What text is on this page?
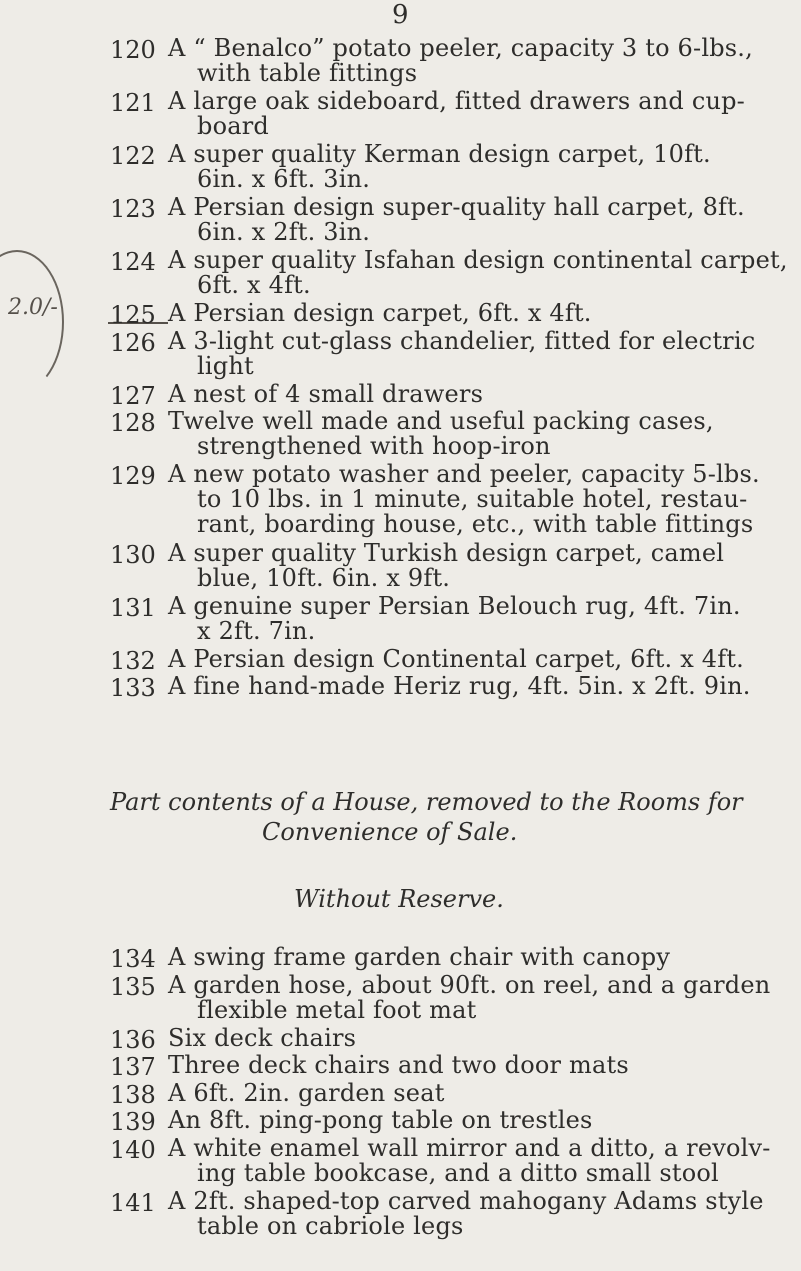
9
2.0/-
120 A “ Benalco” potato peeler, capacity 3 to 6-lbs.,
with table fittings
121 A large oak sideboard, fitted drawers and cup-
board
122 A super quality Kerman design carpet, 10ft.
6in. x 6ft. 3in.
123 A Persian design super-quality hall carpet, 8ft.
6in. x 2ft. 3in.
124 A super quality Isfahan design continental carpet,
6ft. x 4ft.
125 A Persian design carpet, 6ft. x 4ft.
126 A 3-light cut-glass chandelier, fitted for electric
light
127 A nest of 4 small drawers
128 Twelve well made and useful packing cases,
strengthened with hoop-iron
129 A new potato washer and peeler, capacity 5-lbs.
to 10 lbs. in 1 minute, suitable hotel, restau-
rant, boarding house, etc., with table fittings
130 A super quality Turkish design carpet, camel
blue, 10ft. 6in. x 9ft.
131 A genuine super Persian Belouch rug, 4ft. 7in.
x 2ft. 7in.
132 A Persian design Continental carpet, 6ft. x 4ft.
133 A fine hand-made Heriz rug, 4ft. 5in. x 2ft. 9in.
Part contents of a House, removed to the Rooms for
Convenience of Sale.
Without Reserve.
134 A swing frame garden chair with canopy
135 A garden hose, about 90ft. on reel, and a garden
flexible metal foot mat
136 Six deck chairs
137 Three deck chairs and two door mats
138 A 6ft. 2in. garden seat
139 An 8ft. ping-pong table on trestles
140 A white enamel wall mirror and a ditto, a revolv-
ing table bookcase, and a ditto small stool
141 A 2ft. shaped-top carved mahogany Adams style
table on cabriole legs
